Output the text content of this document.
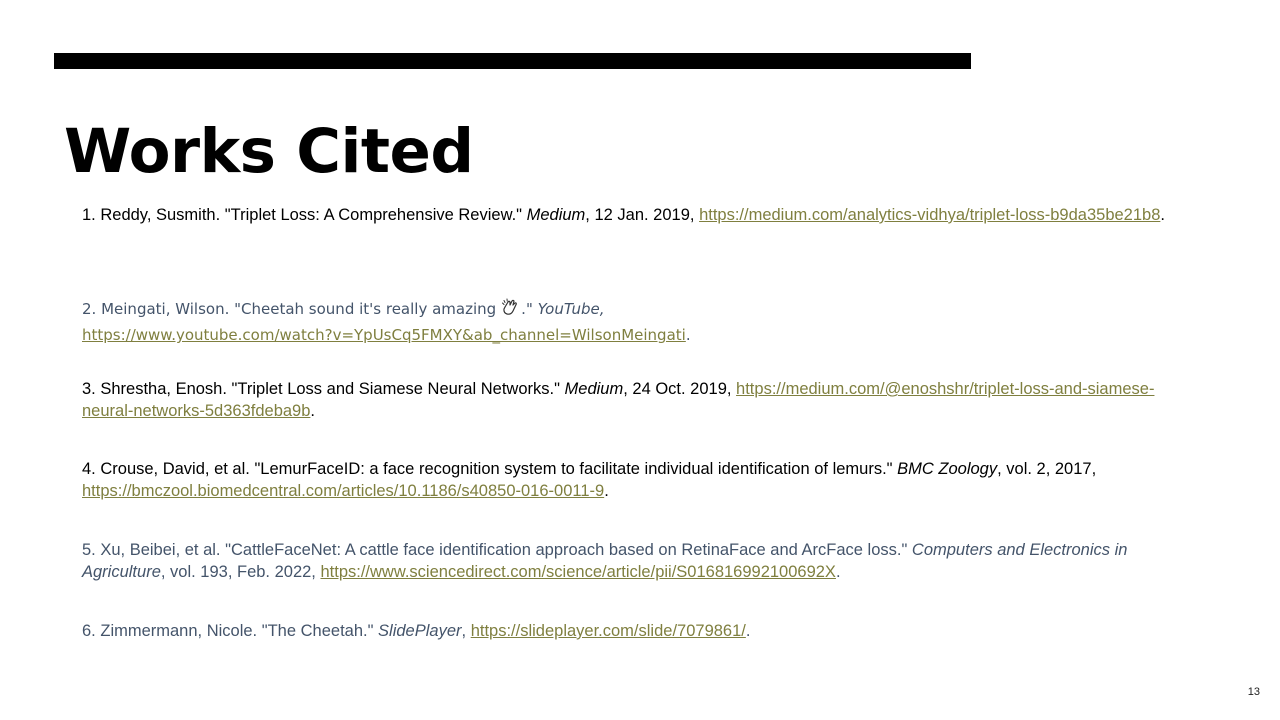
Works Cited
1. Reddy, Susmith. "Triplet Loss: A Comprehensive Review." Medium, 12 Jan. 2019, https://medium.com/analytics-vidhya/triplet-loss-b9da35be21b8.
2. Meingati, Wilson. "Cheetah sound it's really amazing ." YouTube,
https://www.youtube.com/watch?v=YpUsCq5FMXY&ab_channel=WilsonMeingati.
3. Shrestha, Enosh. "Triplet Loss and Siamese Neural Networks." Medium, 24 Oct. 2019, https://medium.com/@enoshshr/triplet-loss-and-siamese-neural-networks-5d363fdeba9b.
4. Crouse, David, et al. "LemurFaceID: a face recognition system to facilitate individual identification of lemurs." BMC Zoology, vol. 2, 2017, https://bmczool.biomedcentral.com/articles/10.1186/s40850-016-0011-9.
5. Xu, Beibei, et al. "CattleFaceNet: A cattle face identification approach based on RetinaFace and ArcFace loss." Computers and Electronics in Agriculture, vol. 193, Feb. 2022, https://www.sciencedirect.com/science/article/pii/S016816992100692X.
6. Zimmermann, Nicole. "The Cheetah." SlidePlayer, https://slideplayer.com/slide/7079861/.
13
